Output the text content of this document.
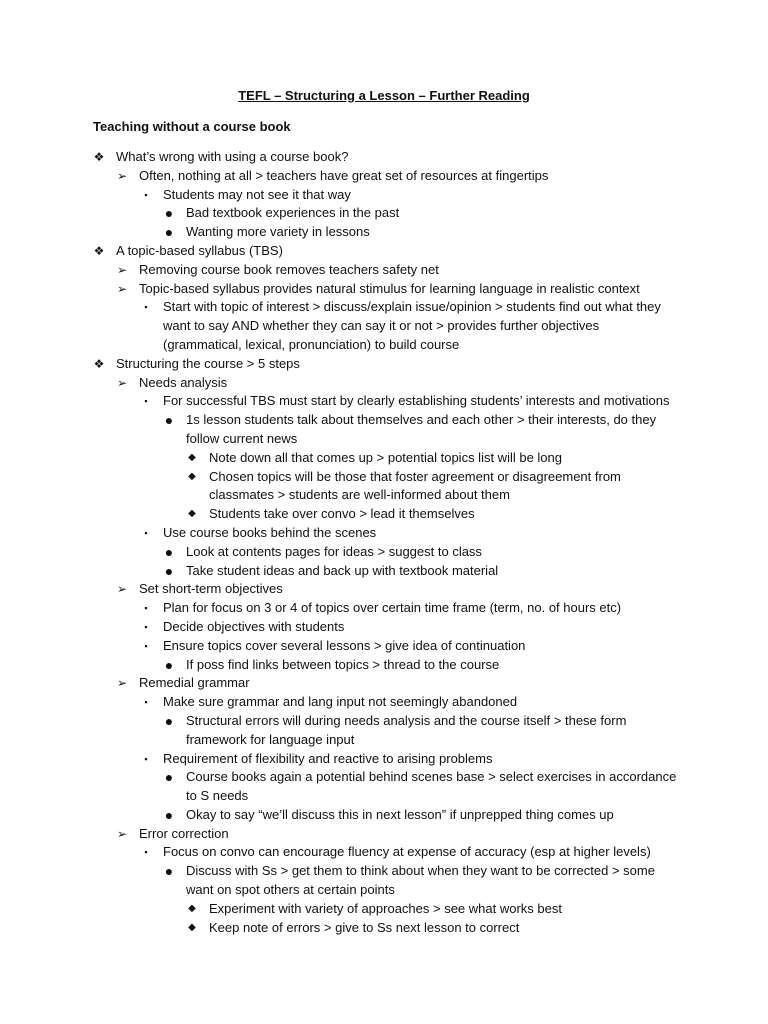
TEFL – Structuring a Lesson – Further Reading
Teaching without a course book
❖ What’s wrong with using a course book?
➢ Often, nothing at all > teachers have great set of resources at fingertips
▪	Students may not see it that way
● Bad textbook experiences in the past
● Wanting more variety in lessons
❖ A topic-based syllabus (TBS)
➢ Removing course book removes teachers safety net
➢ Topic-based syllabus provides natural stimulus for learning language in realistic context
▪	Start with topic of interest > discuss/explain issue/opinion > students find out what they
want to say AND whether they can say it or not > provides further objectives
(grammatical, lexical, pronunciation) to build course
❖ Structuring the course > 5 steps
➢ Needs analysis
▪	For successful TBS must start by clearly establishing students’ interests and motivations
● 1s lesson students talk about themselves and each other > their interests, do they
follow current news
◆ Note down all that comes up > potential topics list will be long
◆ Chosen topics will be those that foster agreement or disagreement from
classmates > students are well-informed about them
◆ Students take over convo > lead it themselves
▪	Use course books behind the scenes
● Look at contents pages for ideas > suggest to class
● Take student ideas and back up with textbook material
➢ Set short-term objectives
▪	Plan for focus on 3 or 4 of topics over certain time frame (term, no. of hours etc)
▪	Decide objectives with students
▪	Ensure topics cover several lessons > give idea of continuation
● If poss find links between topics > thread to the course
➢ Remedial grammar
▪	Make sure grammar and lang input not seemingly abandoned
● Structural errors will during needs analysis and the course itself > these form
framework for language input
▪	Requirement of flexibility and reactive to arising problems
● Course books again a potential behind scenes base > select exercises in accordance
to S needs
● Okay to say “we’ll discuss this in next lesson” if unprepped thing comes up
➢ Error correction
▪	Focus on convo can encourage fluency at expense of accuracy (esp at higher levels)
● Discuss with Ss > get them to think about when they want to be corrected > some
want on spot others at certain points
◆ Experiment with variety of approaches > see what works best
◆ Keep note of errors > give to Ss next lesson to correct
